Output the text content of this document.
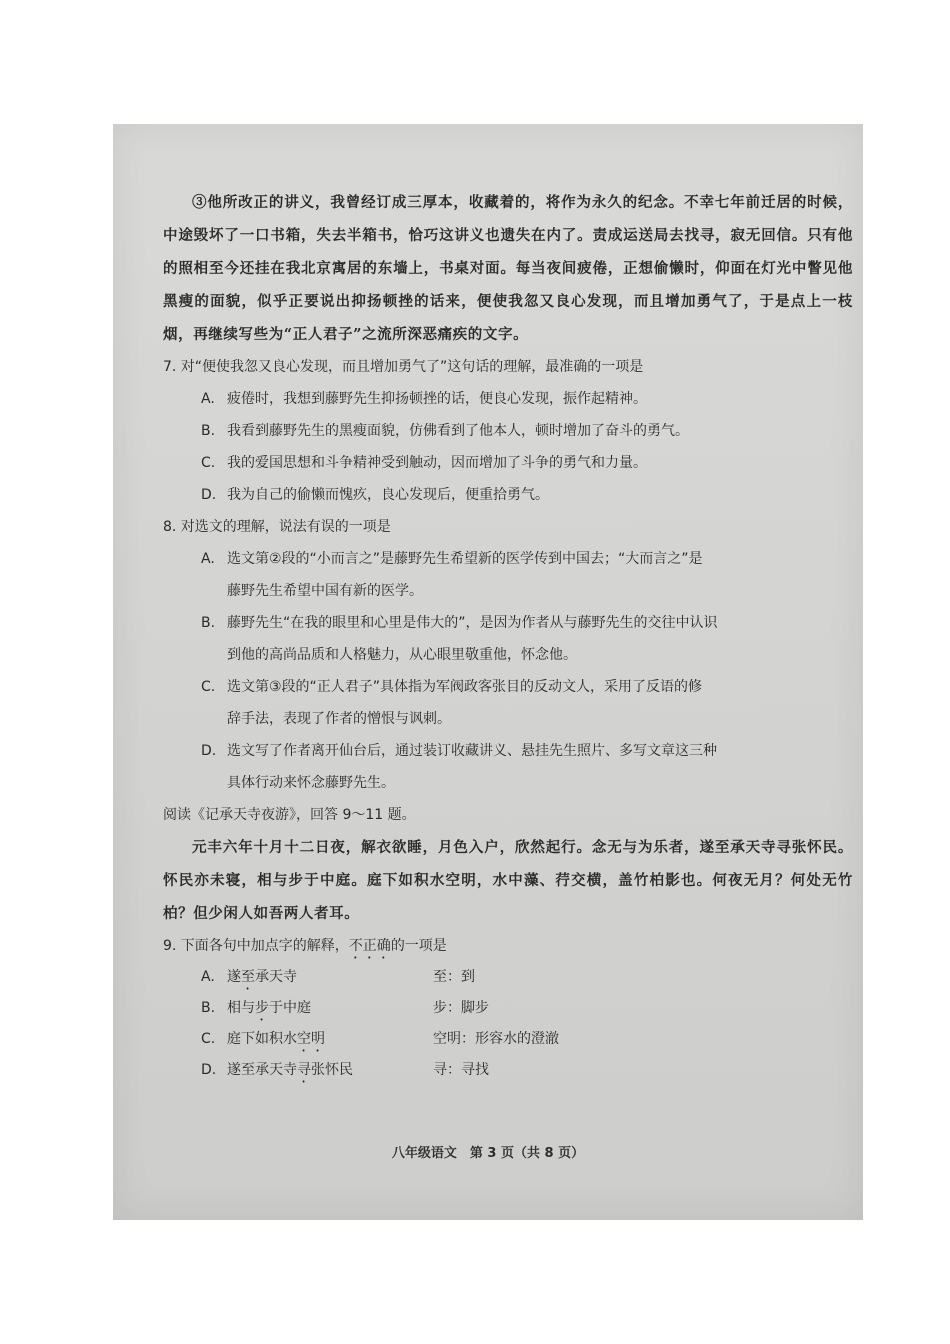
③他所改正的讲义，我曾经订成三厚本，收藏着的，将作为永久的纪念。不幸七年前迁居的时候，中途毁坏了一口书箱，失去半箱书，恰巧这讲义也遗失在内了。责成运送局去找寻，寂无回信。只有他的照相至今还挂在我北京寓居的东墙上，书桌对面。每当夜间疲倦，正想偷懒时，仰面在灯光中瞥见他黑瘦的面貌，似乎正要说出抑扬顿挫的话来，便使我忽又良心发现，而且增加勇气了，于是点上一枝烟，再继续写些为“正人君子”之流所深恶痛疾的文字。

7. 对“便使我忽又良心发现，而且增加勇气了”这句话的理解，最准确的一项是

A. 疲倦时，我想到藤野先生抑扬顿挫的话，便良心发现，振作起精神。

B. 我看到藤野先生的黑瘦面貌，仿佛看到了他本人，顿时增加了奋斗的勇气。

C. 我的爱国思想和斗争精神受到触动，因而增加了斗争的勇气和力量。

D. 我为自己的偷懒而愧疚，良心发现后，便重拾勇气。

8. 对选文的理解，说法有误的一项是

A. 选文第②段的“小而言之”是藤野先生希望新的医学传到中国去；“大而言之”是
藤野先生希望中国有新的医学。

B. 藤野先生“在我的眼里和心里是伟大的”，是因为作者从与藤野先生的交往中认识
到他的高尚品质和人格魅力，从心眼里敬重他，怀念他。

C. 选文第③段的“正人君子”具体指为军阀政客张目的反动文人，采用了反语的修
辞手法，表现了作者的憎恨与讽刺。

D. 选文写了作者离开仙台后，通过装订收藏讲义、悬挂先生照片、多写文章这三种
具体行动来怀念藤野先生。

阅读《记承天寺夜游》，回答 9～11 题。

元丰六年十月十二日夜，解衣欲睡，月色入户，欣然起行。念无与为乐者，遂至承天寺寻张怀民。怀民亦未寝，相与步于中庭。庭下如积水空明，水中藻、荇交横，盖竹柏影也。何夜无月？何处无竹柏？但少闲人如吾两人者耳。

9. 下面各句中加点字的解释，不正确的一项是

A. 遂至承天寺	至：到

B. 相与步于中庭	步：脚步

C. 庭下如积水空明	空明：形容水的澄澈

D. 遂至承天寺寻张怀民	寻：寻找

八年级语文　第 3 页（共 8 页）
